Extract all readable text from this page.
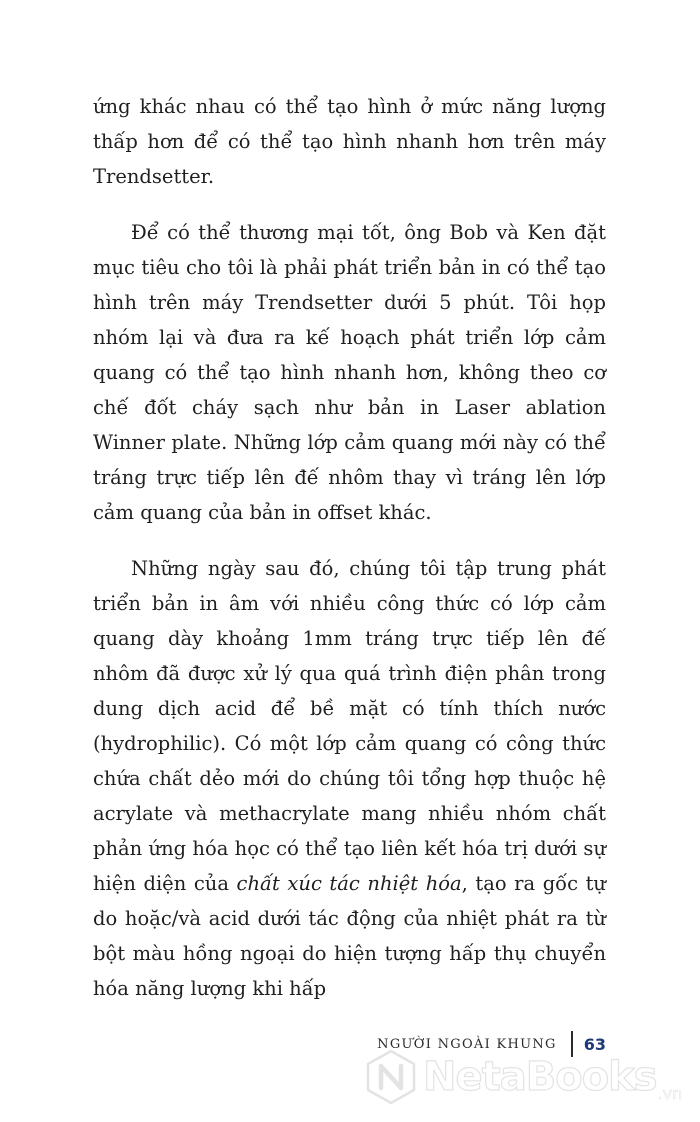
ứng khác nhau có thể tạo hình ở mức năng lượng thấp hơn để có thể tạo hình nhanh hơn trên máy Trendsetter.

Để có thể thương mại tốt, ông Bob và Ken đặt mục tiêu cho tôi là phải phát triển bản in có thể tạo hình trên máy Trendsetter dưới 5 phút. Tôi họp nhóm lại và đưa ra kế hoạch phát triển lớp cảm quang có thể tạo hình nhanh hơn, không theo cơ chế đốt cháy sạch như bản in Laser ablation Winner plate. Những lớp cảm quang mới này có thể tráng trực tiếp lên đế nhôm thay vì tráng lên lớp cảm quang của bản in offset khác.

Những ngày sau đó, chúng tôi tập trung phát triển bản in âm với nhiều công thức có lớp cảm quang dày khoảng 1mm tráng trực tiếp lên đế nhôm đã được xử lý qua quá trình điện phân trong dung dịch acid để bề mặt có tính thích nước (hydrophilic). Có một lớp cảm quang có công thức chứa chất dẻo mới do chúng tôi tổng hợp thuộc hệ acrylate và methacrylate mang nhiều nhóm chất phản ứng hóa học có thể tạo liên kết hóa trị dưới sự hiện diện của chất xúc tác nhiệt hóa, tạo ra gốc tự do hoặc/và acid dưới tác động của nhiệt phát ra từ bột màu hồng ngoại do hiện tượng hấp thụ chuyển hóa năng lượng khi hấp

NGƯỜI NGOÀI KHUNG 63
NetaBooks .vn
